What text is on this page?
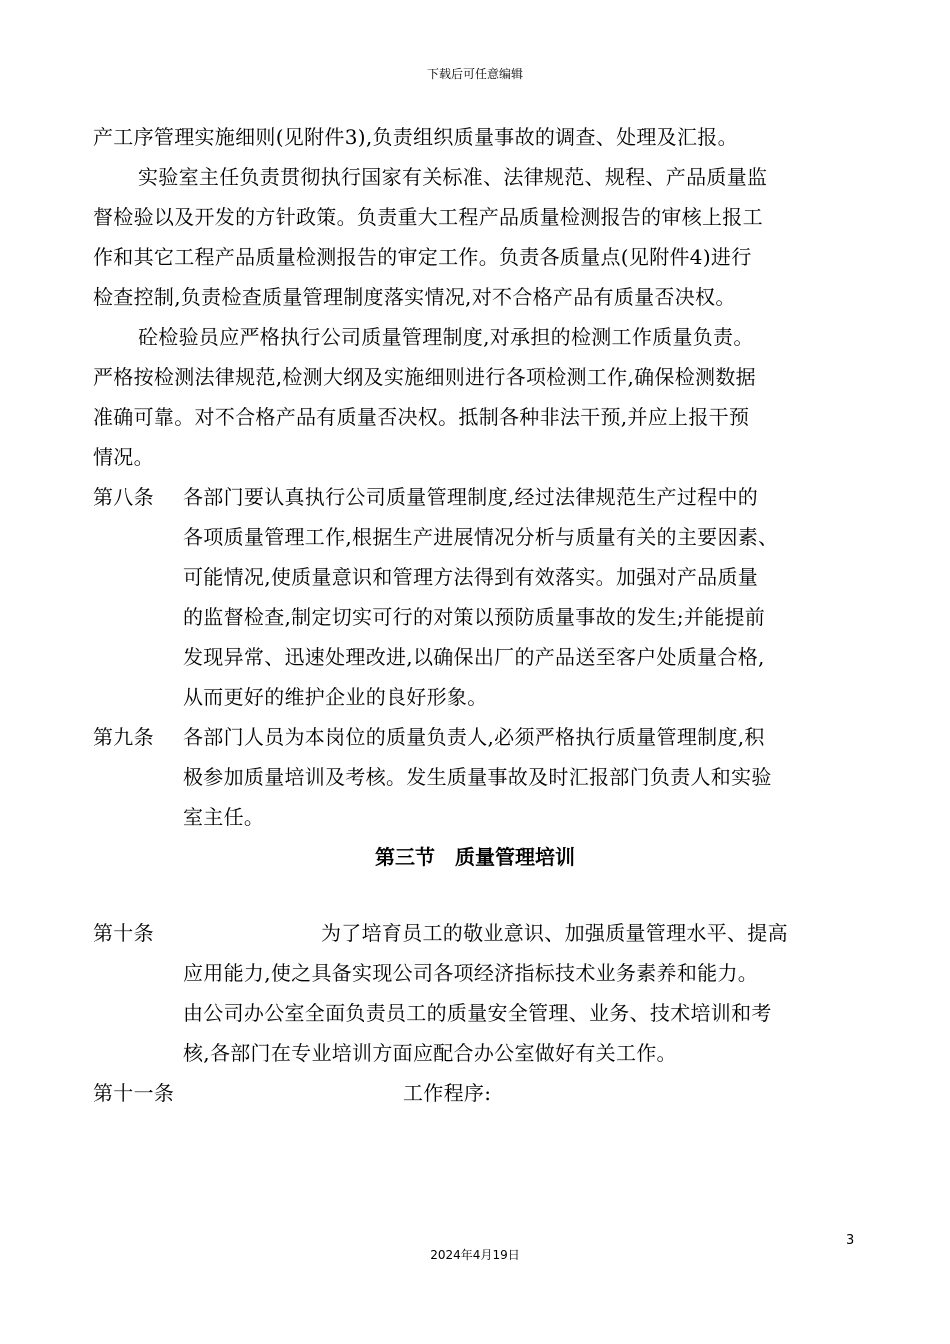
下载后可任意编辑
产工序管理实施细则(见附件3),负责组织质量事故的调查、处理及汇报。
实验室主任负责贯彻执行国家有关标准、法律规范、规程、产品质量监
督检验以及开发的方针政策。负责重大工程产品质量检测报告的审核上报工
作和其它工程产品质量检测报告的审定工作。负责各质量点(见附件4)进行
检查控制,负责检查质量管理制度落实情况,对不合格产品有质量否决权。
砼检验员应严格执行公司质量管理制度,对承担的检测工作质量负责。
严格按检测法律规范,检测大纲及实施细则进行各项检测工作,确保检测数据
准确可靠。对不合格产品有质量否决权。抵制各种非法干预,并应上报干预
情况。
第八条	各部门要认真执行公司质量管理制度,经过法律规范生产过程中的
各项质量管理工作,根据生产进展情况分析与质量有关的主要因素、
可能情况,使质量意识和管理方法得到有效落实。加强对产品质量
的监督检查,制定切实可行的对策以预防质量事故的发生;并能提前
发现异常、迅速处理改进,以确保出厂的产品送至客户处质量合格,
从而更好的维护企业的良好形象。
第九条	各部门人员为本岗位的质量负责人,必须严格执行质量管理制度,积
极参加质量培训及考核。发生质量事故及时汇报部门负责人和实验
室主任。
第三节　质量管理培训
第十条	为了培育员工的敬业意识、加强质量管理水平、提高
应用能力,使之具备实现公司各项经济指标技术业务素养和能力。
由公司办公室全面负责员工的质量安全管理、业务、技术培训和考
核,各部门在专业培训方面应配合办公室做好有关工作。
第十一条	工作程序:
3
2024年4月19日
